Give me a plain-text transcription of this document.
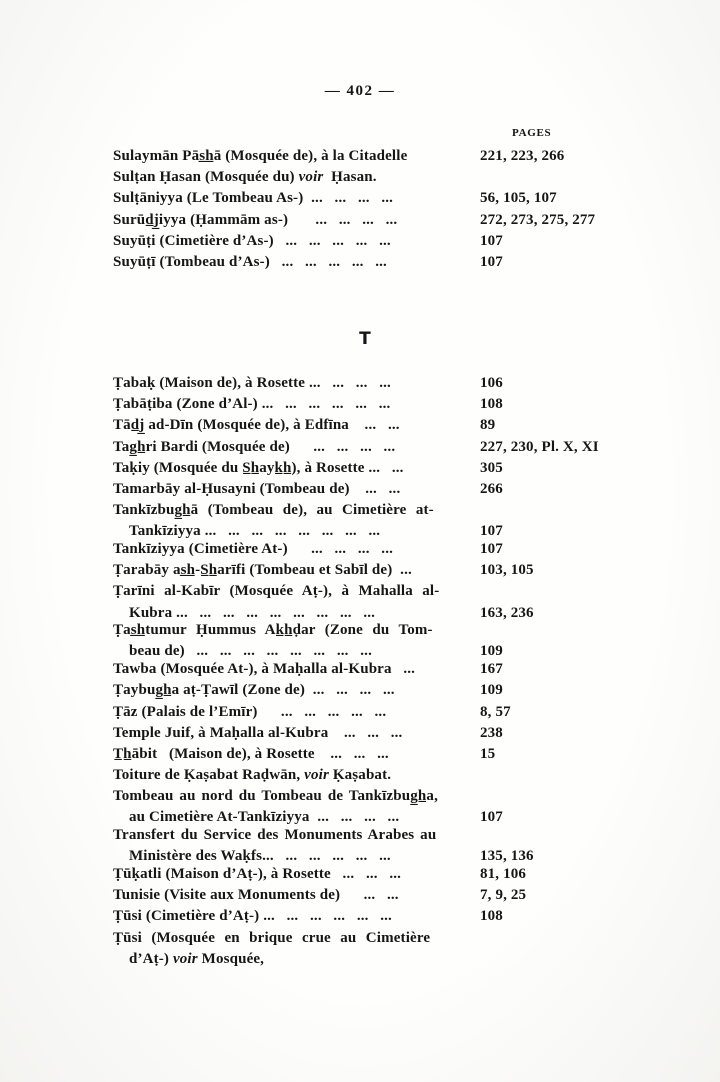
— 402 —
PAGES
Sulaymān Pās̲h̲ā (Mosquée de), à la Citadelle	221, 223, 266
Sulṭan Ḥasan (Mosquée du) voir  Ḥasan.
Sulṭāniyya (Le Tombeau As-)  ...   ...   ...   ...	56, 105, 107
Surūd̲j̲iyya (Ḥammām as-)       ...   ...   ...   ...	272, 273, 275, 277
Suyūṭi (Cimetière d’As-)   ...   ...   ...   ...   ...	107
Suyūṭī (Tombeau d’As-)   ...   ...   ...   ...   ...	107
T
Ṭabaḳ (Maison de), à Rosette ...   ...   ...   ...	106
Ṭabāṭiba (Zone d’Al-) ...   ...   ...   ...   ...   ...	108
Tād̲j̲ ad-Dīn (Mosquée de), à Edfīna    ...   ...	89
Tag̲h̲ri Bardi (Mosquée de)      ...   ...   ...   ...	227, 230, Pl. X, XI
Taḳiy (Mosquée du S̲h̲ayk̲h̲), à Rosette ...   ...	305
Tamarbāy al-Ḥusayni (Tombeau de)    ...   ...	266
Tankīzbug̲h̲ā (Tombeau de), au Cimetière at-
Tankīziyya ...   ...   ...   ...   ...   ...   ...   ...	107
Tankīziyya (Cimetière At-)      ...   ...   ...   ...	107
Ṭarabāy as̲h̲-S̲h̲arīfi (Tombeau et Sabīl de)  ...	103, 105
Ṭarīni al-Kabīr (Mosquée Aṭ-), à Mahalla al-
Kubra ...   ...   ...   ...   ...   ...   ...   ...   ...	163, 236
Ṭas̲h̲tumur Ḥummus Ak̲h̲ḍar (Zone du Tom-
beau de)   ...   ...   ...   ...   ...   ...   ...   ...	109
Tawba (Mosquée At-), à Maḥalla al-Kubra   ...	167
Ṭaybug̲h̲a aṭ-Ṭawīl (Zone de)  ...   ...   ...   ...	109
Ṭāz (Palais de l’Emīr)      ...   ...   ...   ...   ...	8, 57
Temple Juif, à Maḥalla al-Kubra    ...   ...   ...	238
T̲h̲ābit   (Maison de), à Rosette    ...   ...   ...	15
Toiture de Ḳaṣabat Raḍwān, voir Ḳaṣabat.
Tombeau au nord du Tombeau de Tankīzbug̲h̲a,
au Cimetière At-Tankīziyya  ...   ...   ...   ...	107
Transfert du Service des Monuments Arabes au
Ministère des Waḳfs...   ...   ...   ...   ...   ...	135, 136
Ṭūḳatli (Maison d’Aṭ-), à Rosette   ...   ...   ...	81, 106
Tunisie (Visite aux Monuments de)      ...   ...	7, 9, 25
Ṭūsi (Cimetière d’Aṭ-) ...   ...   ...   ...   ...   ...	108
Ṭūsi (Mosquée en brique crue au Cimetière
d’Aṭ-) voir Mosquée,
